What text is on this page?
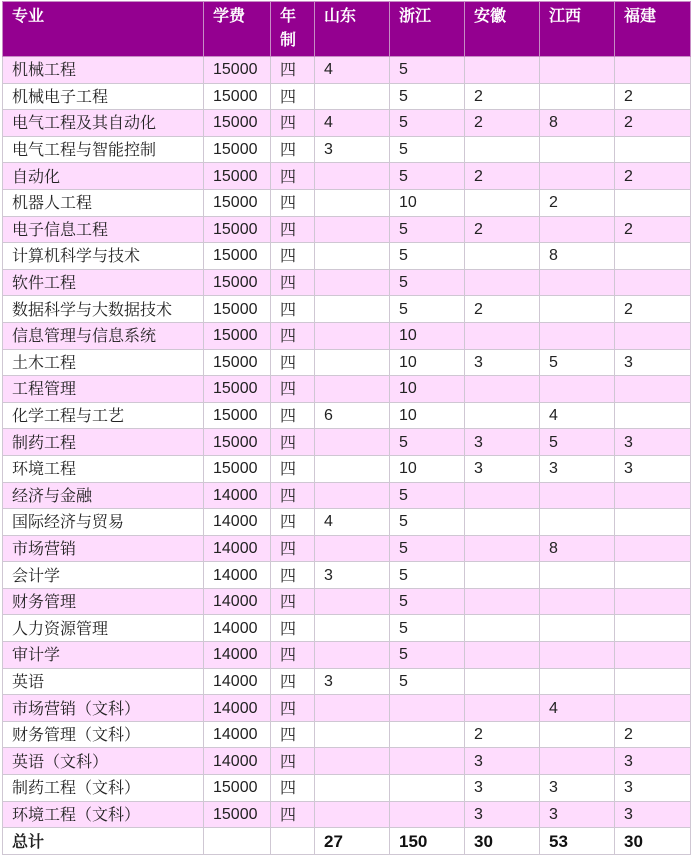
专业	学费	年制	山东	浙江	安徽	江西	福建
机械工程	15000	四	4	5			
机械电子工程	15000	四		5	2		2
电气工程及其自动化	15000	四	4	5	2	8	2
电气工程与智能控制	15000	四	3	5			
自动化	15000	四		5	2		2
机器人工程	15000	四		10		2	
电子信息工程	15000	四		5	2		2
计算机科学与技术	15000	四		5		8	
软件工程	15000	四		5			
数据科学与大数据技术	15000	四		5	2		2
信息管理与信息系统	15000	四		10			
土木工程	15000	四		10	3	5	3
工程管理	15000	四		10			
化学工程与工艺	15000	四	6	10		4	
制药工程	15000	四		5	3	5	3
环境工程	15000	四		10	3	3	3
经济与金融	14000	四		5			
国际经济与贸易	14000	四	4	5			
市场营销	14000	四		5		8	
会计学	14000	四	3	5			
财务管理	14000	四		5			
人力资源管理	14000	四		5			
审计学	14000	四		5			
英语	14000	四	3	5			
市场营销（文科）	14000	四				4	
财务管理（文科）	14000	四			2		2
英语（文科）	14000	四			3		3
制药工程（文科）	15000	四			3	3	3
环境工程（文科）	15000	四			3	3	3
总计			27	150	30	53	30
